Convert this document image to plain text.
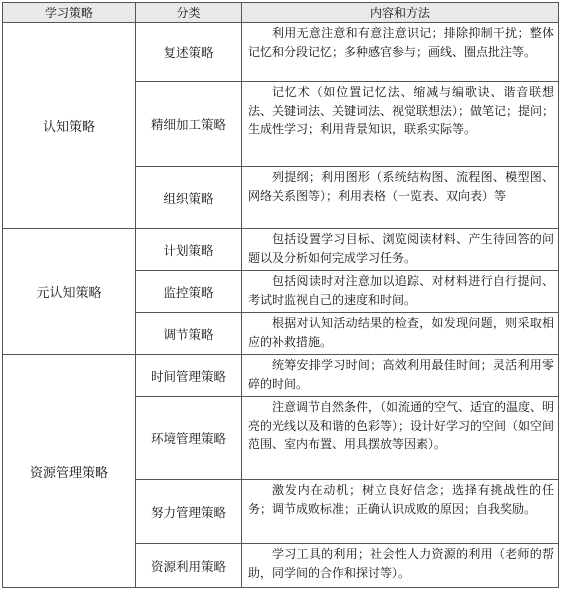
学习策略	分类	内容和方法
认知策略	复述策略	利用无意注意和有意注意识记；排除抑制干扰；整体记忆和分段记忆；多种感官参与；画线、圈点批注等。
	精细加工策略	记忆术（如位置记忆法、缩减与编歌诀、谐音联想法、关键词法、关键词法、视觉联想法）；做笔记；提问；生成性学习；利用背景知识，联系实际等。
	组织策略	列提纲；利用图形（系统结构图、流程图、模型图、网络关系图等）；利用表格（一览表、双向表）等
元认知策略	计划策略	包括设置学习目标、浏览阅读材料、产生待回答的问题以及分析如何完成学习任务。
	监控策略	包括阅读时对注意加以追踪、对材料进行自行提问、考试时监视自己的速度和时间。
	调节策略	根据对认知活动结果的检查，如发现问题，则采取相应的补救措施。
资源管理策略	时间管理策略	统筹安排学习时间；高效利用最佳时间；灵活利用零碎的时间。
	环境管理策略	注意调节自然条件，（如流通的空气、适宜的温度、明亮的光线以及和谐的色彩等）；设计好学习的空间（如空间范围、室内布置、用具摆放等因素）。
	努力管理策略	激发内在动机；树立良好信念；选择有挑战性的任务；调节成败标准；正确认识成败的原因；自我奖励。
	资源利用策略	学习工具的利用；社会性人力资源的利用（老师的帮助，同学间的合作和探讨等）。
